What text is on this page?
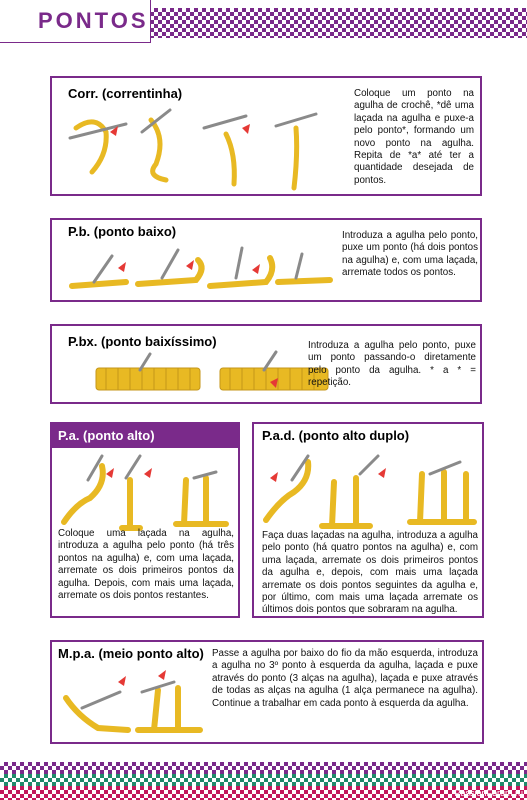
PONTOS
Corr. (correntinha)	Coloque um ponto na agulha de crochê, *dê uma laçada na agulha e puxe-a pelo ponto*, formando um novo ponto na agulha. Repita de *a* até ter a quantidade desejada de pontos.
P.b. (ponto baixo)	Introduza a agulha pelo ponto, puxe um ponto (há dois pontos na agulha) e, com uma laçada, arremate todos os pontos.
P.bx. (ponto baixíssimo)	Introduza a agulha pelo ponto, puxe um ponto passando-o diretamente pelo ponto da agulha. * a * = repetição.
P.a. (ponto alto)
Coloque uma laçada na agulha, introduza a agulha pelo ponto (há três pontos na agulha) e, com uma laçada, arremate os dois primeiros pontos da agulha. Depois, com mais uma laçada, arremate os dois pontos restantes.
P.a.d. (ponto alto duplo)
Faça duas laçadas na agulha, introduza a agulha pelo ponto (há quatro pontos na agulha) e, com uma laçada, arremate os dois primeiros pontos da agulha e, depois, com mais uma laçada arremate os dois pontos seguintes da agulha e, por último, com mais uma laçada arremate os últimos dois pontos que sobraram na agulha.
M.p.a. (meio ponto alto) Passe a agulha por baixo do fio da mão esquerda, introduza a agulha no 3º ponto à esquerda da agulha, laçada e puxe através do ponto (3 alças na agulha), laçada e puxe através de todas as alças na agulha (1 alça permanece na agulha). Continue a trabalhar em cada ponto à esquerda da agulha.
PassionForum.ru
